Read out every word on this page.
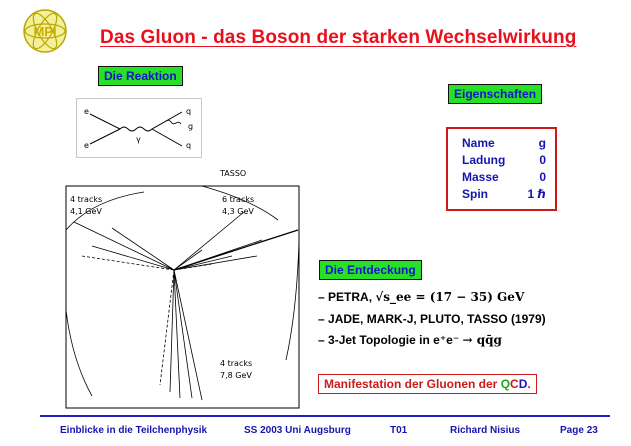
MPI Das Gluon - das Boson der starken Wechselwirkung
Die Reaktion
e
e
γ
q
g
q
TASSO
4 tracks
4,1 GeV
6 tracks
4,3 GeV
4 tracks
7,8 GeV
Eigenschaften
Name	g
Ladung	0
Masse	0
Spin	1 ℏ
Die Entdeckung
– PETRA, √s_ee = (17 − 35) GeV
– JADE, MARK-J, PLUTO, TASSO (1979)
– 3-Jet Topologie in e⁺e⁻ → qq̄g
Manifestation der Gluonen der QCD.
Einblicke in die Teilchenphysik	SS 2003 Uni Augsburg	T01	Richard Nisius	Page 23
